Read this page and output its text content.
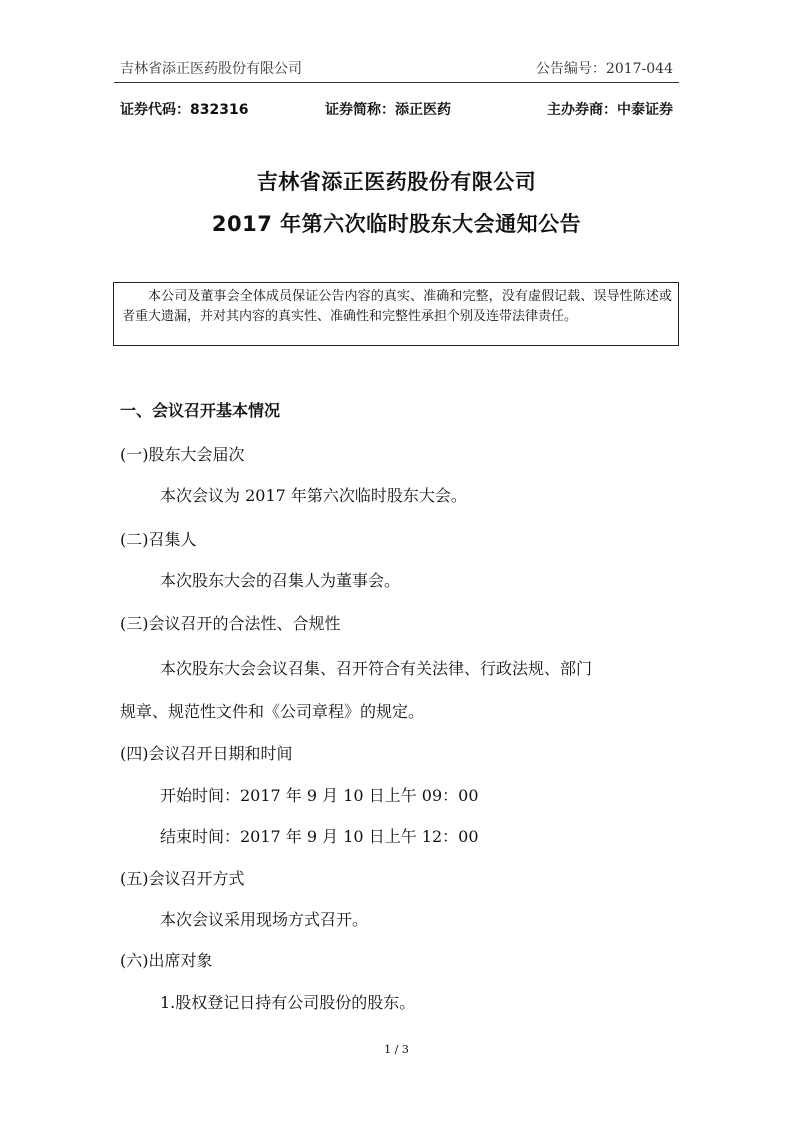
吉林省添正医药股份有限公司	公告编号：2017-044
证券代码：832316	证券简称：添正医药	主办券商：中泰证券
吉林省添正医药股份有限公司
2017 年第六次临时股东大会通知公告
本公司及董事会全体成员保证公告内容的真实、准确和完整，没有虚假记载、误导性陈述或者重大遗漏，并对其内容的真实性、准确性和完整性承担个别及连带法律责任。
一、会议召开基本情况
(一)股东大会届次
本次会议为 2017 年第六次临时股东大会。
(二)召集人
本次股东大会的召集人为董事会。
(三)会议召开的合法性、合规性
本次股东大会会议召集、召开符合有关法律、行政法规、部门
规章、规范性文件和《公司章程》的规定。
(四)会议召开日期和时间
开始时间：2017 年 9 月 10 日上午 09：00
结束时间：2017 年 9 月 10 日上午 12：00
(五)会议召开方式
本次会议采用现场方式召开。
(六)出席对象
1.股权登记日持有公司股份的股东。
1 / 3
